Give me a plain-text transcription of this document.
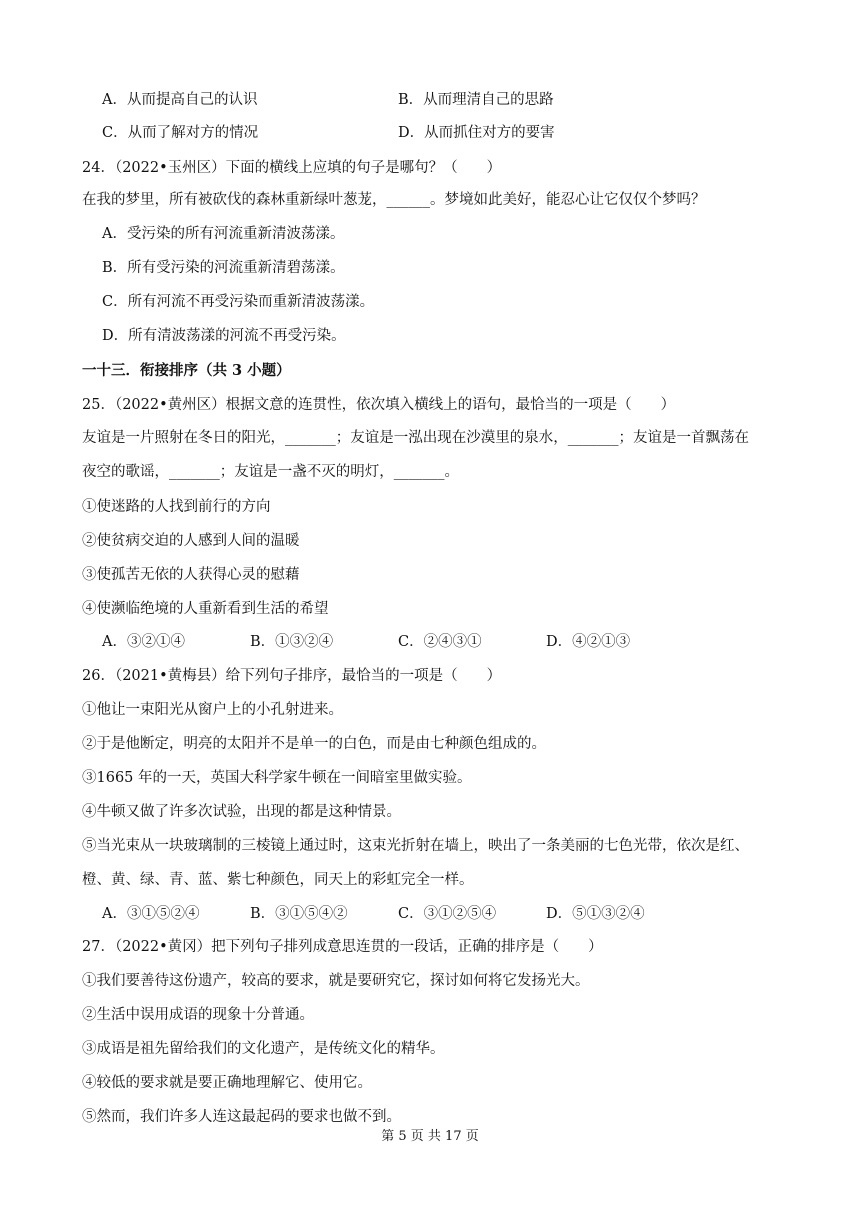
A．从而提高自己的认识	B．从而理清自己的思路
C．从而了解对方的情况	D．从而抓住对方的要害
24．（2022•玉州区）下面的横线上应填的句子是哪句？（　　）
在我的梦里，所有被砍伐的森林重新绿叶葱茏，______。梦境如此美好，能忍心让它仅仅个梦吗？
A．受污染的所有河流重新清波荡漾。
B．所有受污染的河流重新清碧荡漾。
C．所有河流不再受污染而重新清波荡漾。
D．所有清波荡漾的河流不再受污染。
一十三．衔接排序（共 3 小题）
25．（2022•黄州区）根据文意的连贯性，依次填入横线上的语句，最恰当的一项是（　　）
友谊是一片照射在冬日的阳光，_______；友谊是一泓出现在沙漠里的泉水，_______；友谊是一首飘荡在
夜空的歌谣，_______；友谊是一盏不灭的明灯，_______。
①使迷路的人找到前行的方向
②使贫病交迫的人感到人间的温暖
③使孤苦无依的人获得心灵的慰藉
④使濒临绝境的人重新看到生活的希望
A．③②①④	B．①③②④	C．②④③①	D．④②①③
26．（2021•黄梅县）给下列句子排序，最恰当的一项是（　　）
①他让一束阳光从窗户上的小孔射进来。
②于是他断定，明亮的太阳并不是单一的白色，而是由七种颜色组成的。
③1665 年的一天，英国大科学家牛顿在一间暗室里做实验。
④牛顿又做了许多次试验，出现的都是这种情景。
⑤当光束从一块玻璃制的三棱镜上通过时，这束光折射在墙上，映出了一条美丽的七色光带，依次是红、
橙、黄、绿、青、蓝、紫七种颜色，同天上的彩虹完全一样。
A．③①⑤②④	B．③①⑤④②	C．③①②⑤④	D．⑤①③②④
27．（2022•黄冈）把下列句子排列成意思连贯的一段话，正确的排序是（　　）
①我们要善待这份遗产，较高的要求，就是要研究它，探讨如何将它发扬光大。
②生活中误用成语的现象十分普通。
③成语是祖先留给我们的文化遗产，是传统文化的精华。
④较低的要求就是要正确地理解它、使用它。
⑤然而，我们许多人连这最起码的要求也做不到。
第 5 页 共 17 页
